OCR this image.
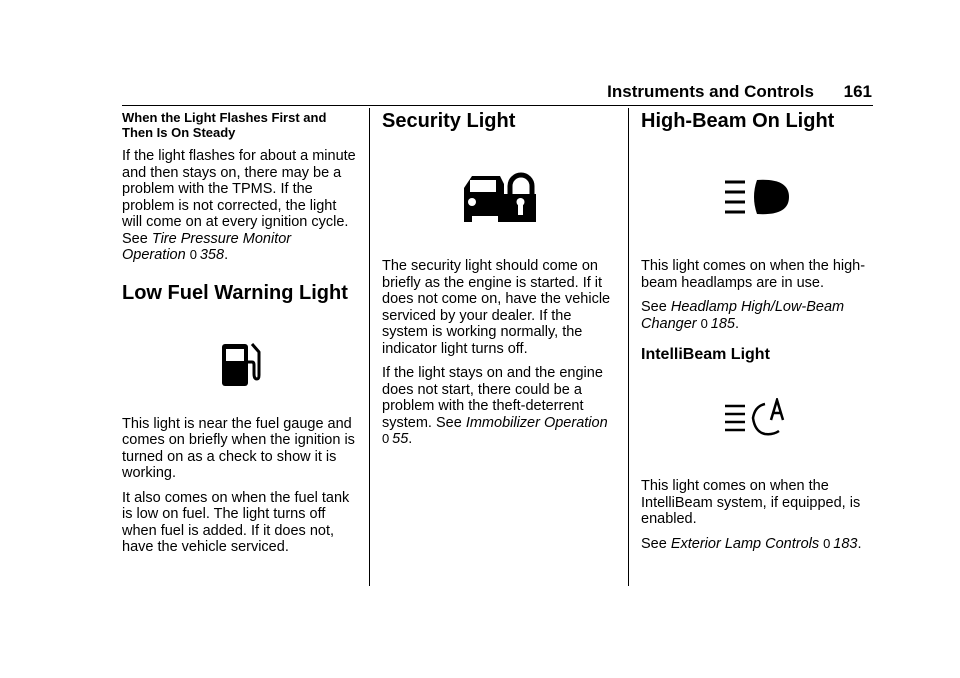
Instruments and Controls 161
When the Light Flashes First and Then Is On Steady

If the light flashes for about a minute and then stays on, there may be a problem with the TPMS. If the problem is not corrected, the light will come on at every ignition cycle. See Tire Pressure Monitor Operation 0  358.

Low Fuel Warning Light

This light is near the fuel gauge and comes on briefly when the ignition is turned on as a check to show it is working.

It also comes on when the fuel tank is low on fuel. The light turns off when fuel is added. If it does not, have the vehicle serviced.

Security Light

The security light should come on briefly as the engine is started. If it does not come on, have the vehicle serviced by your dealer. If the system is working normally, the indicator light turns off.

If the light stays on and the engine does not start, there could be a problem with the theft-deterrent system. See Immobilizer Operation
0  55.

High-Beam On Light

This light comes on when the high-beam headlamps are in use.

See Headlamp High/Low-Beam Changer 0  185.

IntelliBeam Light

This light comes on when the IntelliBeam system, if equipped, is enabled.

See Exterior Lamp Controls 0  183.
